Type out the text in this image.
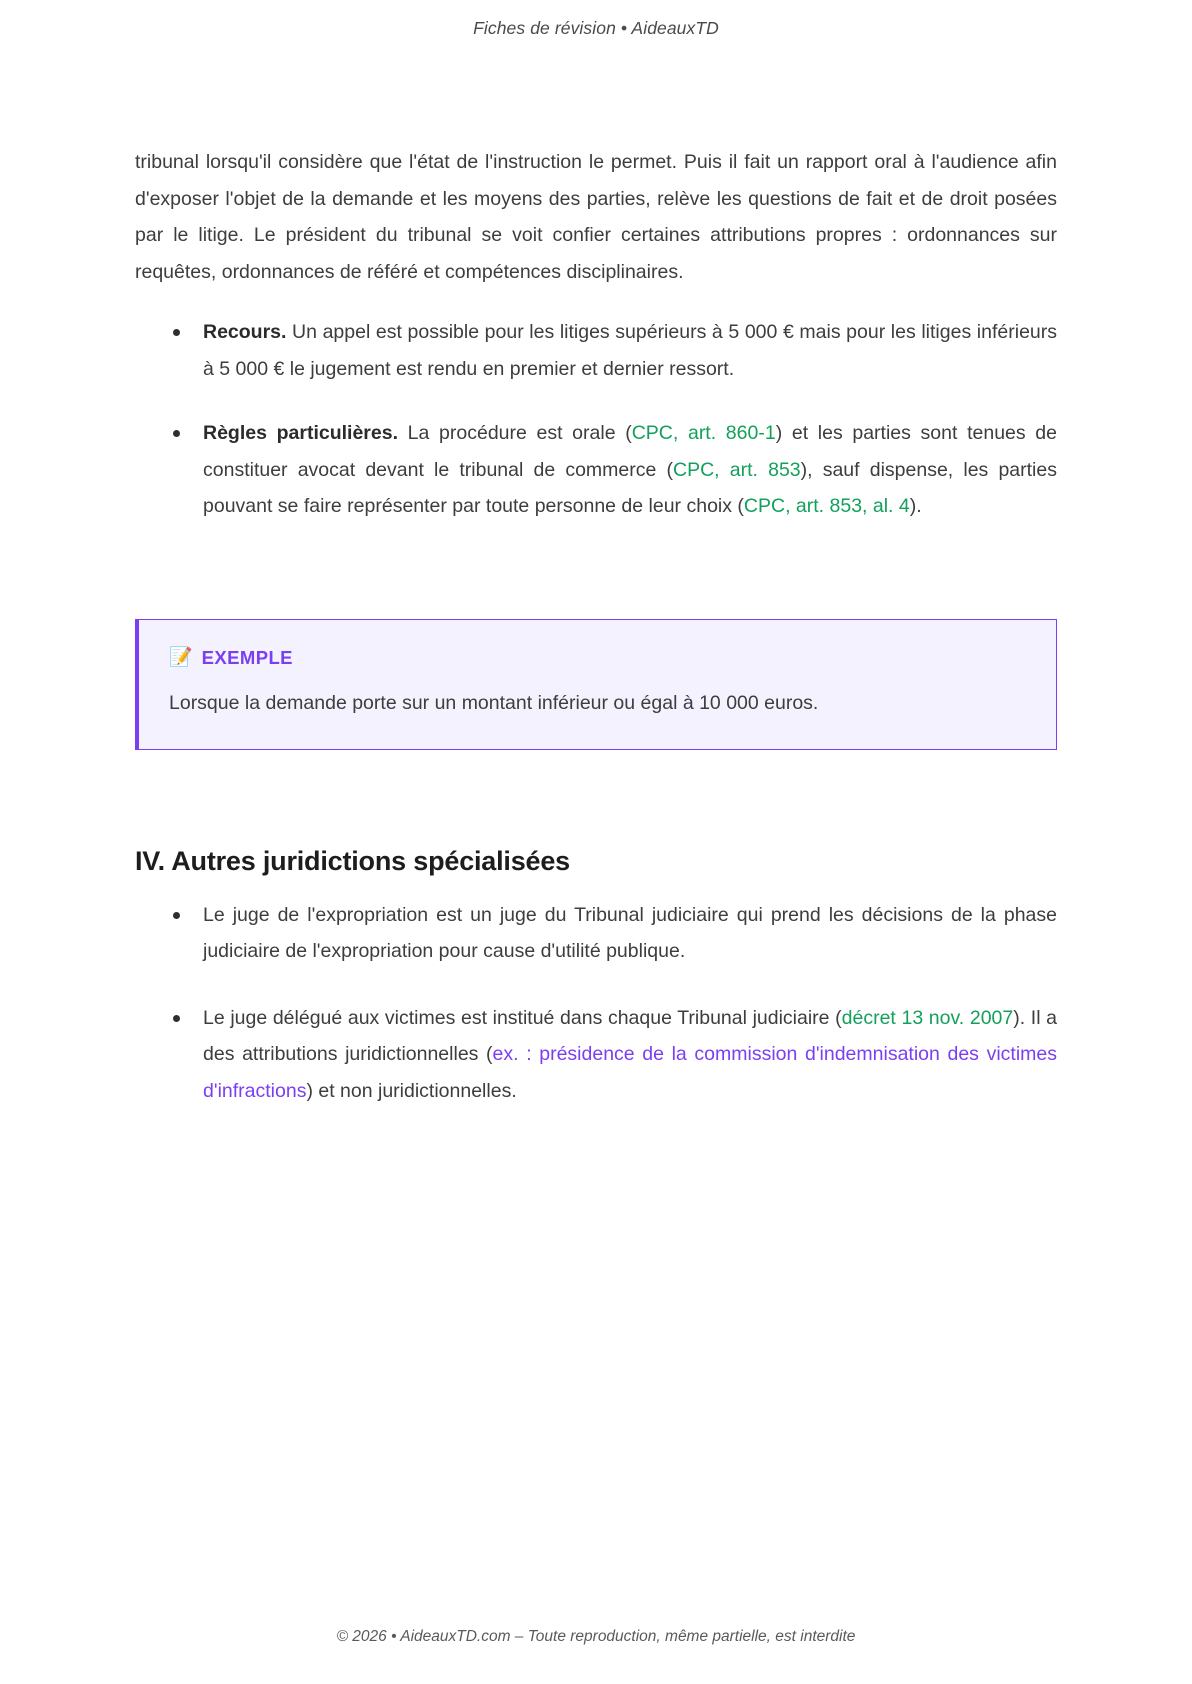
Fiches de révision • AideauxTD

tribunal lorsqu'il considère que l'état de l'instruction le permet. Puis il fait un rapport oral à l'audience afin d'exposer l'objet de la demande et les moyens des parties, relève les questions de fait et de droit posées par le litige. Le président du tribunal se voit confier certaines attributions propres : ordonnances sur requêtes, ordonnances de référé et compétences disciplinaires.

Recours. Un appel est possible pour les litiges supérieurs à 5 000 € mais pour les litiges inférieurs à 5 000 € le jugement est rendu en premier et dernier ressort.
Règles particulières. La procédure est orale (CPC, art. 860-1) et les parties sont tenues de constituer avocat devant le tribunal de commerce (CPC, art. 853), sauf dispense, les parties pouvant se faire représenter par toute personne de leur choix (CPC, art. 853, al. 4).
📝 EXEMPLE
Lorsque la demande porte sur un montant inférieur ou égal à 10 000 euros.
IV. Autres juridictions spécialisées
Le juge de l'expropriation est un juge du Tribunal judiciaire qui prend les décisions de la phase judiciaire de l'expropriation pour cause d'utilité publique.
Le juge délégué aux victimes est institué dans chaque Tribunal judiciaire (décret 13 nov. 2007). Il a des attributions juridictionnelles (ex. : présidence de la commission d'indemnisation des victimes d'infractions) et non juridictionnelles.
© 2026 • AideauxTD.com – Toute reproduction, même partielle, est interdite
